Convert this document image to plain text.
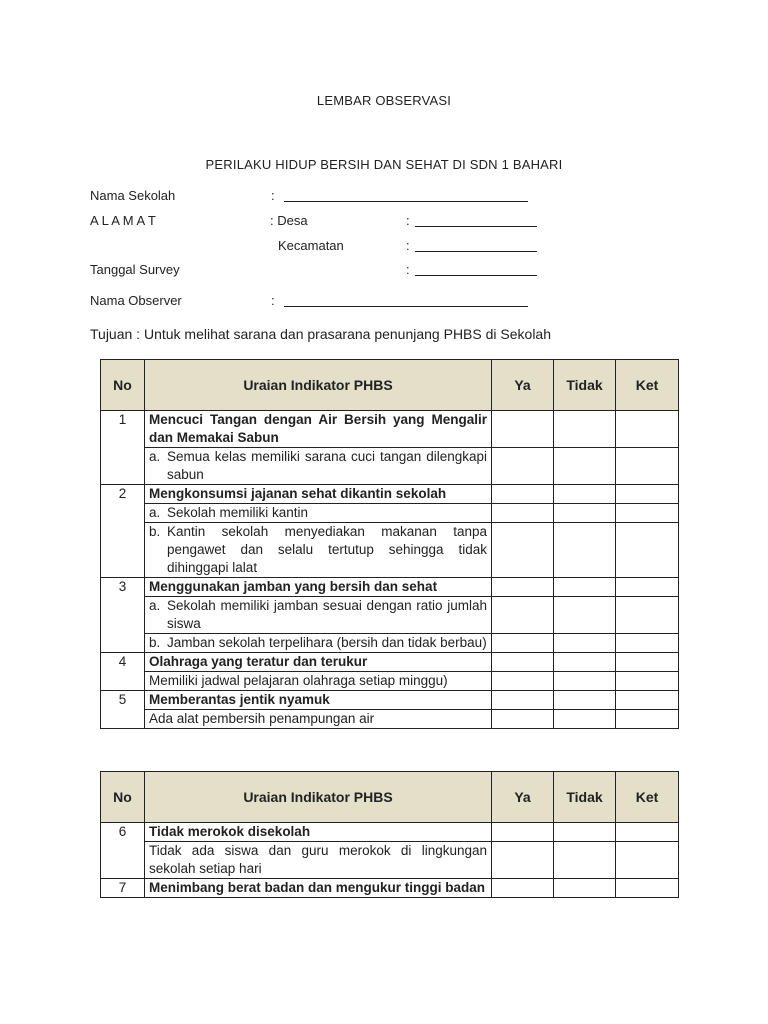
LEMBAR OBSERVASI
PERILAKU HIDUP BERSIH DAN SEHAT DI SDN 1 BAHARI
Nama Sekolah	:
A L A M A T	: Desa	:
Kecamatan	:
Tanggal Survey	:
Nama Observer	:
Tujuan : Untuk melihat sarana dan prasarana penunjang PHBS di Sekolah
No	Uraian Indikator PHBS	Ya	Tidak	Ket
1	Mencuci Tangan dengan Air Bersih yang Mengalir dan Memakai Sabun			

	a. Semua kelas memiliki sarana cuci tangan dilengkapi sabun			

2	Mengkonsumsi jajanan sehat dikantin sekolah			

	a. Sekolah memiliki kantin			

	b. Kantin sekolah menyediakan makanan tanpa pengawet dan selalu tertutup sehingga tidak dihinggapi lalat			

3	Menggunakan jamban yang bersih dan sehat			

	a. Sekolah memiliki jamban sesuai dengan ratio jumlah siswa			

	b. Jamban sekolah terpelihara (bersih dan tidak berbau)			

4	Olahraga yang teratur dan terukur			
	Memiliki jadwal pelajaran olahraga setiap minggu)			
5	Memberantas jentik nyamuk			
	Ada alat pembersih penampungan air			
No	Uraian Indikator PHBS	Ya	Tidak	Ket
6	Tidak merokok disekolah			
	Tidak ada siswa dan guru merokok di lingkungan sekolah setiap hari			
7	Menimbang berat badan dan mengukur tinggi badan			
